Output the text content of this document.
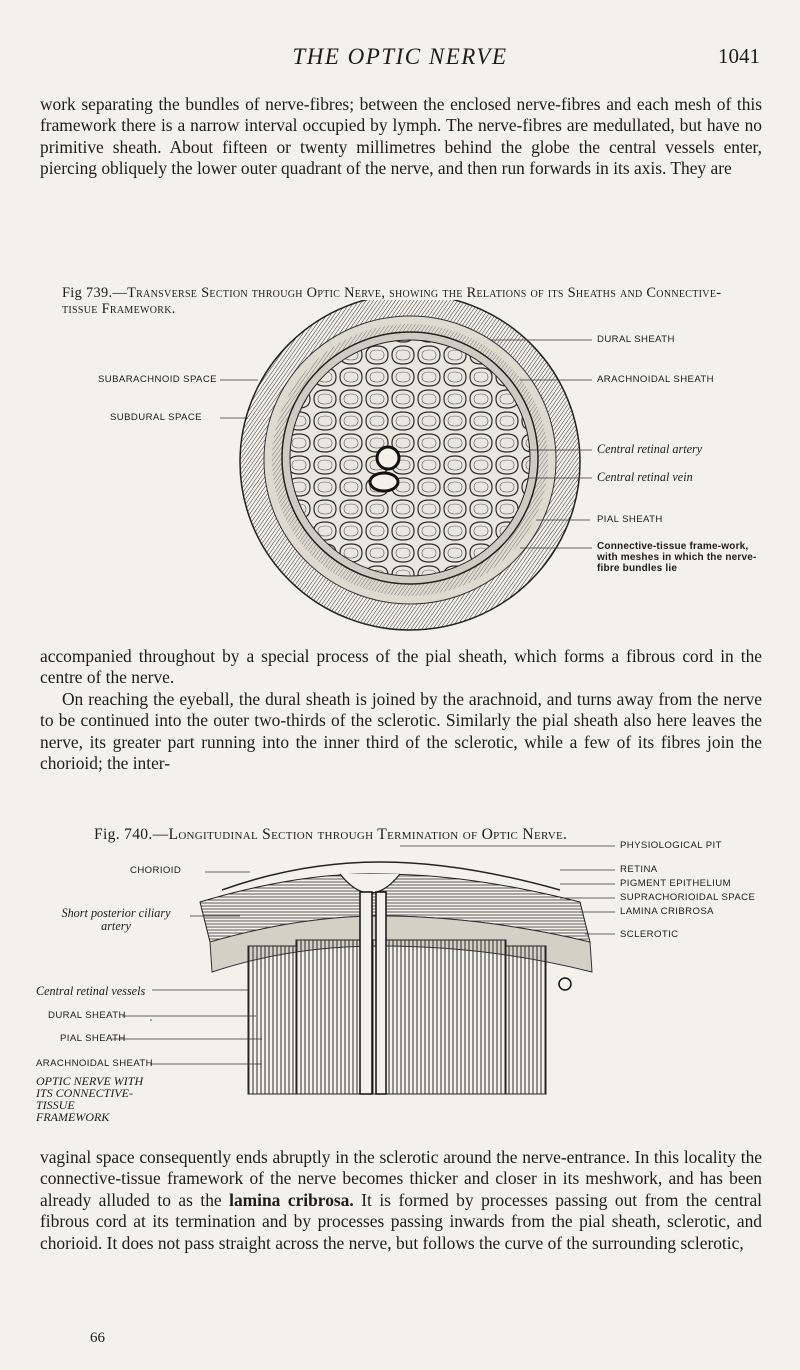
THE OPTIC NERVE	1041

work separating the bundles of nerve-fibres; between the enclosed nerve-fibres and each mesh of this framework there is a narrow interval occupied by lymph. The nerve-fibres are medullated, but have no primitive sheath. About fifteen or twenty millimetres behind the globe the central vessels enter, piercing obliquely the lower outer quadrant of the nerve, and then run forwards in its axis. They are

Fig 739.—Transverse Section through Optic Nerve, showing the Relations of its Sheaths and Connective-tissue Framework.
DURAL SHEATH
ARACHNOIDAL SHEATH
SUBARACHNOID SPACE
SUBDURAL SPACE
Central retinal artery
Central retinal vein
PIAL SHEATH
Connective-tissue frame-work, with meshes in which the nerve-fibre bundles lie
accompanied throughout by a special process of the pial sheath, which forms a fibrous cord in the centre of the nerve.
On reaching the eyeball, the dural sheath is joined by the arachnoid, and turns away from the nerve to be continued into the outer two-thirds of the sclerotic. Similarly the pial sheath also here leaves the nerve, its greater part running into the inner third of the sclerotic, while a few of its fibres join the chorioid; the inter-
Fig. 740.—Longitudinal Section through Termination of Optic Nerve.
PHYSIOLOGICAL PIT
CHORIOID	RETINA
PIGMENT EPITHELIUM
SUPRACHORIOIDAL SPACE
Short posterior ciliary artery
LAMINA CRIBROSA
SCLEROTIC
Central retinal vessels
DURAL SHEATH
PIAL SHEATH
ARACHNOIDAL SHEATH
OPTIC NERVE WITH ITS CONNECTIVE- TISSUE FRAMEWORK

vaginal space consequently ends abruptly in the sclerotic around the nerve-entrance. In this locality the connective-tissue framework of the nerve becomes thicker and closer in its meshwork, and has been already alluded to as the lamina cribrosa. It is formed by processes passing out from the central fibrous cord at its termination and by processes passing inwards from the pial sheath, sclerotic, and chorioid. It does not pass straight across the nerve, but follows the curve of the surrounding sclerotic,

66
